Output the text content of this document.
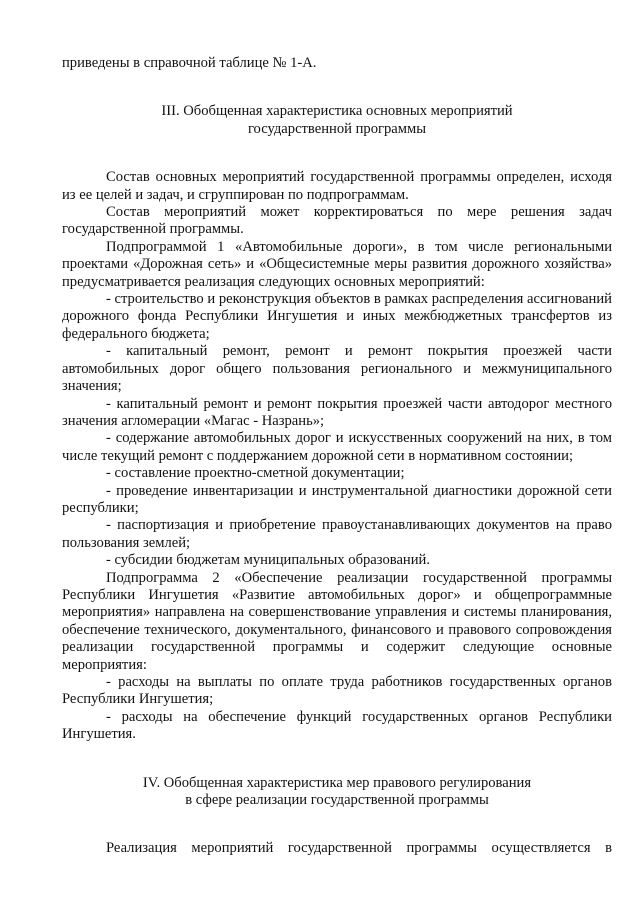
приведены в справочной таблице № 1-А.
III. Обобщенная характеристика основных мероприятий
государственной программы

Состав основных мероприятий государственной программы определен, исходя из ее целей и задач, и сгруппирован по подпрограммам.

Состав мероприятий может корректироваться по мере решения задач государственной программы.

Подпрограммой 1 «Автомобильные дороги», в том числе региональными проектами «Дорожная сеть» и «Общесистемные меры развития дорожного хозяйства» предусматривается реализация следующих основных мероприятий:

- строительство и реконструкция объектов в рамках распределения ассигнований дорожного фонда Республики Ингушетия и иных межбюджетных трансфертов из федерального бюджета;

- капитальный ремонт, ремонт и ремонт покрытия проезжей части автомобильных дорог общего пользования регионального и межмуниципального значения;

- капитальный ремонт и ремонт покрытия проезжей части автодорог местного значения агломерации «Магас - Назрань»;

- содержание автомобильных дорог и искусственных сооружений на них, в том числе текущий ремонт с поддержанием дорожной сети в нормативном состоянии;

- составление проектно-сметной документации;

- проведение инвентаризации и инструментальной диагностики дорожной сети республики;

- паспортизация и приобретение правоустанавливающих документов на право пользования землей;

- субсидии бюджетам муниципальных образований.

Подпрограмма 2 «Обеспечение реализации государственной программы Республики Ингушетия «Развитие автомобильных дорог» и общепрограммные мероприятия» направлена на совершенствование управления и системы планирования, обеспечение технического, документального, финансового и правового сопровождения реализации государственной программы и содержит следующие основные мероприятия:

- расходы на выплаты по оплате труда работников государственных органов Республики Ингушетия;

- расходы на обеспечение функций государственных органов Республики Ингушетия.

IV. Обобщенная характеристика мер правового регулирования
в сфере реализации государственной программы

Реализация мероприятий государственной программы осуществляется в
